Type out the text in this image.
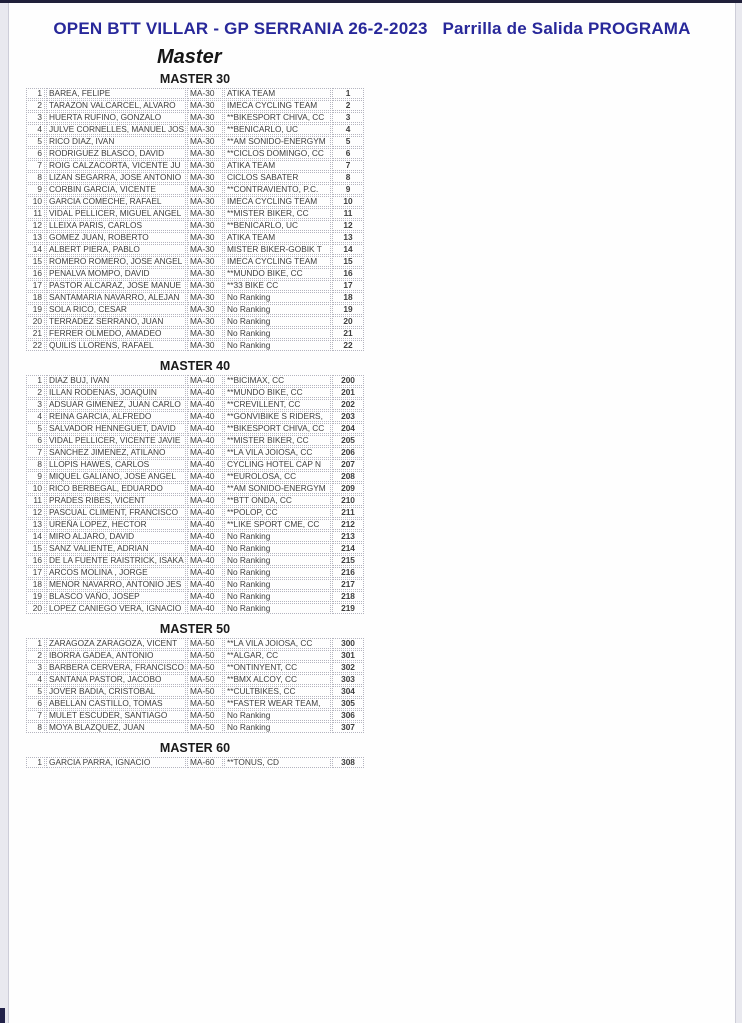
OPEN BTT VILLAR - GP SERRANIA 26-2-2023   Parrilla de Salida PROGRAMA
Master
MASTER 30
1	BAREA, FELIPE	MA-30	ATIKA TEAM	1
2	TARAZON VALCARCEL, ALVARO	MA-30	IMECA CYCLING TEAM	2
3	HUERTA RUFINO, GONZALO	MA-30	**BIKESPORT CHIVA, CC	3
4	JULVE CORNELLES, MANUEL JOS	MA-30	**BENICARLO, UC	4
5	RICO DIAZ, IVAN	MA-30	**AM SONIDO-ENERGYM	5
6	RODRIGUEZ BLASCO, DAVID	MA-30	**CICLOS DOMINGO, CC	6
7	ROIG CALZACORTA, VICENTE JU	MA-30	ATIKA TEAM	7
8	LIZAN SEGARRA, JOSE ANTONIO	MA-30	CICLOS SABATER	8
9	CORBIN GARCIA, VICENTE	MA-30	**CONTRAVIENTO, P.C.	9
10	GARCIA COMECHE, RAFAEL	MA-30	IMECA CYCLING TEAM	10
11	VIDAL PELLICER, MIGUEL ANGEL	MA-30	**MISTER BIKER, CC	11
12	LLEIXA PARIS, CARLOS	MA-30	**BENICARLO, UC	12
13	GOMEZ JUAN, ROBERTO	MA-30	ATIKA TEAM	13
14	ALBERT PIERA, PABLO	MA-30	MISTER BIKER-GOBIK T	14
15	ROMERO ROMERO, JOSE ANGEL	MA-30	IMECA CYCLING TEAM	15
16	PENALVA MOMPO, DAVID	MA-30	**MUNDO BIKE, CC	16
17	PASTOR ALCARAZ, JOSE MANUE	MA-30	**33 BIKE CC	17
18	SANTAMARIA NAVARRO, ALEJAN	MA-30	No Ranking	18
19	SOLA RICO, CESAR	MA-30	No Ranking	19
20	TERRADEZ SERRANO, JUAN	MA-30	No Ranking	20
21	FERRER OLMEDO, AMADEO	MA-30	No Ranking	21
22	QUILIS LLORENS, RAFAEL	MA-30	No Ranking	22
MASTER 40
1	DIAZ BUJ, IVAN	MA-40	**BICIMAX, CC	200
2	ILLAN RODENAS, JOAQUIN	MA-40	**MUNDO BIKE, CC	201
3	ADSUAR GIMENEZ, JUAN CARLO	MA-40	**CREVILLENT, CC	202
4	REINA GARCIA, ALFREDO	MA-40	**GONVIBIKE S RIDERS,	203
5	SALVADOR HENNEGUET, DAVID	MA-40	**BIKESPORT CHIVA, CC	204
6	VIDAL PELLICER, VICENTE JAVIE	MA-40	**MISTER BIKER, CC	205
7	SANCHEZ JIMENEZ, ATILANO	MA-40	**LA VILA JOIOSA, CC	206
8	LLOPIS HAWES, CARLOS	MA-40	CYCLING HOTEL CAP N	207
9	MIQUEL GALIANO, JOSE ANGEL	MA-40	**EUROLOSA, CC	208
10	RICO BERBEGAL, EDUARDO	MA-40	**AM SONIDO-ENERGYM	209
11	PRADES RIBES, VICENT	MA-40	**BTT ONDA, CC	210
12	PASCUAL CLIMENT, FRANCISCO	MA-40	**POLOP, CC	211
13	UREÑA LOPEZ, HECTOR	MA-40	**LIKE SPORT CME, CC	212
14	MIRO ALJARO, DAVID	MA-40	No Ranking	213
15	SANZ VALIENTE, ADRIAN	MA-40	No Ranking	214
16	DE LA FUENTE RAISTRICK, ISAKA	MA-40	No Ranking	215
17	ARCOS MOLINA , JORGE	MA-40	No Ranking	216
18	MENOR NAVARRO, ANTONIO JES	MA-40	No Ranking	217
19	BLASCO VAÑO, JOSEP	MA-40	No Ranking	218
20	LOPEZ CANIEGO VERA, IGNACIO	MA-40	No Ranking	219
MASTER 50
1	ZARAGOZA ZARAGOZA, VICENT	MA-50	**LA VILA JOIOSA, CC	300
2	IBORRA GADEA, ANTONIO	MA-50	**ALGAR, CC	301
3	BARBERA CERVERA, FRANCISCO	MA-50	**ONTINYENT, CC	302
4	SANTANA PASTOR, JACOBO	MA-50	**BMX ALCOY, CC	303
5	JOVER BADIA, CRISTOBAL	MA-50	**CULTBIKES, CC	304
6	ABELLAN CASTILLO, TOMAS	MA-50	**FASTER WEAR TEAM,	305
7	MULET ESCUDER, SANTIAGO	MA-50	No Ranking	306
8	MOYA BLAZQUEZ, JUAN	MA-50	No Ranking	307
MASTER 60
1	GARCIA PARRA, IGNACIO	MA-60	**TONUS, CD	308
